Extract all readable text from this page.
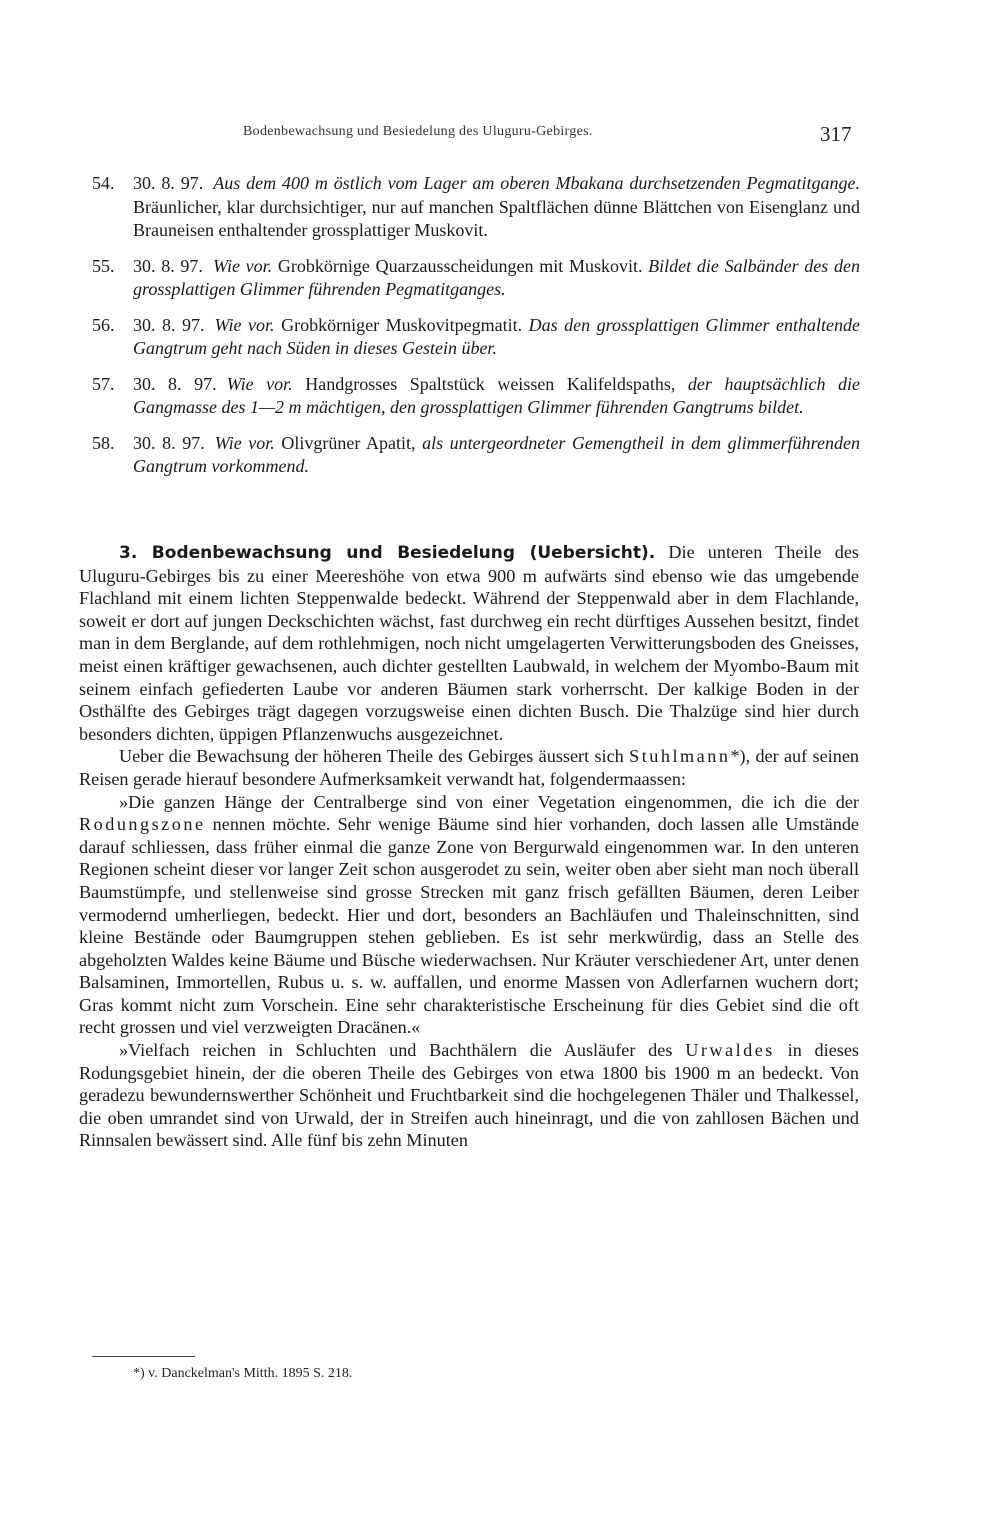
Bodenbewachsung und Besiedelung des Uluguru-Gebirges.	317
54. 30. 8. 97. Aus dem 400 m östlich vom Lager am oberen Mbakana durchsetzenden Pegmatitgange. Bräunlicher, klar durchsichtiger, nur auf manchen Spaltflächen dünne Blättchen von Eisenglanz und Brauneisen enthaltender grossplattiger Muskovit.
55. 30. 8. 97. Wie vor. Grobkörnige Quarzausscheidungen mit Muskovit. Bildet die Salbänder des den grossplattigen Glimmer führenden Pegmatitganges.
56. 30. 8. 97. Wie vor. Grobkörniger Muskovitpegmatit. Das den grossplattigen Glimmer enthaltende Gangtrum geht nach Süden in dieses Gestein über.
57. 30. 8. 97. Wie vor. Handgrosses Spaltstück weissen Kalifeldspaths, der hauptsächlich die Gangmasse des 1—2 m mächtigen, den grossplattigen Glimmer führenden Gangtrums bildet.
58. 30. 8. 97. Wie vor. Olivgrüner Apatit, als untergeordneter Gemengtheil in dem glimmerführenden Gangtrum vorkommend.

3. Bodenbewachsung und Besiedelung (Uebersicht). Die unteren Theile des Uluguru-Gebirges bis zu einer Meereshöhe von etwa 900 m aufwärts sind ebenso wie das umgebende Flachland mit einem lichten Steppenwalde bedeckt. Während der Steppenwald aber in dem Flachlande, soweit er dort auf jungen Deckschichten wächst, fast durchweg ein recht dürftiges Aussehen besitzt, findet man in dem Berglande, auf dem rothlehmigen, noch nicht umgelagerten Verwitterungsboden des Gneisses, meist einen kräftiger gewachsenen, auch dichter gestellten Laubwald, in welchem der Myombo-Baum mit seinem einfach gefiederten Laube vor anderen Bäumen stark vorherrscht. Der kalkige Boden in der Osthälfte des Gebirges trägt dagegen vorzugsweise einen dichten Busch. Die Thalzüge sind hier durch besonders dichten, üppigen Pflanzenwuchs ausgezeichnet.

Ueber die Bewachsung der höheren Theile des Gebirges äussert sich Stuhlmann*), der auf seinen Reisen gerade hierauf besondere Aufmerksamkeit verwandt hat, folgendermaassen:

»Die ganzen Hänge der Centralberge sind von einer Vegetation eingenommen, die ich die der Rodungszone nennen möchte. Sehr wenige Bäume sind hier vorhanden, doch lassen alle Umstände darauf schliessen, dass früher einmal die ganze Zone von Bergurwald eingenommen war. In den unteren Regionen scheint dieser vor langer Zeit schon ausgerodet zu sein, weiter oben aber sieht man noch überall Baumstümpfe, und stellenweise sind grosse Strecken mit ganz frisch gefällten Bäumen, deren Leiber vermodernd umherliegen, bedeckt. Hier und dort, besonders an Bachläufen und Thaleinschnitten, sind kleine Bestände oder Baumgruppen stehen geblieben. Es ist sehr merkwürdig, dass an Stelle des abgeholzten Waldes keine Bäume und Büsche wiederwachsen. Nur Kräuter verschiedener Art, unter denen Balsaminen, Immortellen, Rubus u. s. w. auffallen, und enorme Massen von Adlerfarnen wuchern dort; Gras kommt nicht zum Vorschein. Eine sehr charakteristische Erscheinung für dies Gebiet sind die oft recht grossen und viel verzweigten Dracänen.«

»Vielfach reichen in Schluchten und Bachthälern die Ausläufer des Urwaldes in dieses Rodungsgebiet hinein, der die oberen Theile des Gebirges von etwa 1800 bis 1900 m an bedeckt. Von geradezu bewundernswerther Schönheit und Fruchtbarkeit sind die hochgelegenen Thäler und Thalkessel, die oben umrandet sind von Urwald, der in Streifen auch hineinragt, und die von zahllosen Bächen und Rinnsalen bewässert sind. Alle fünf bis zehn Minuten

*) v. Danckelman's Mitth. 1895 S. 218.
